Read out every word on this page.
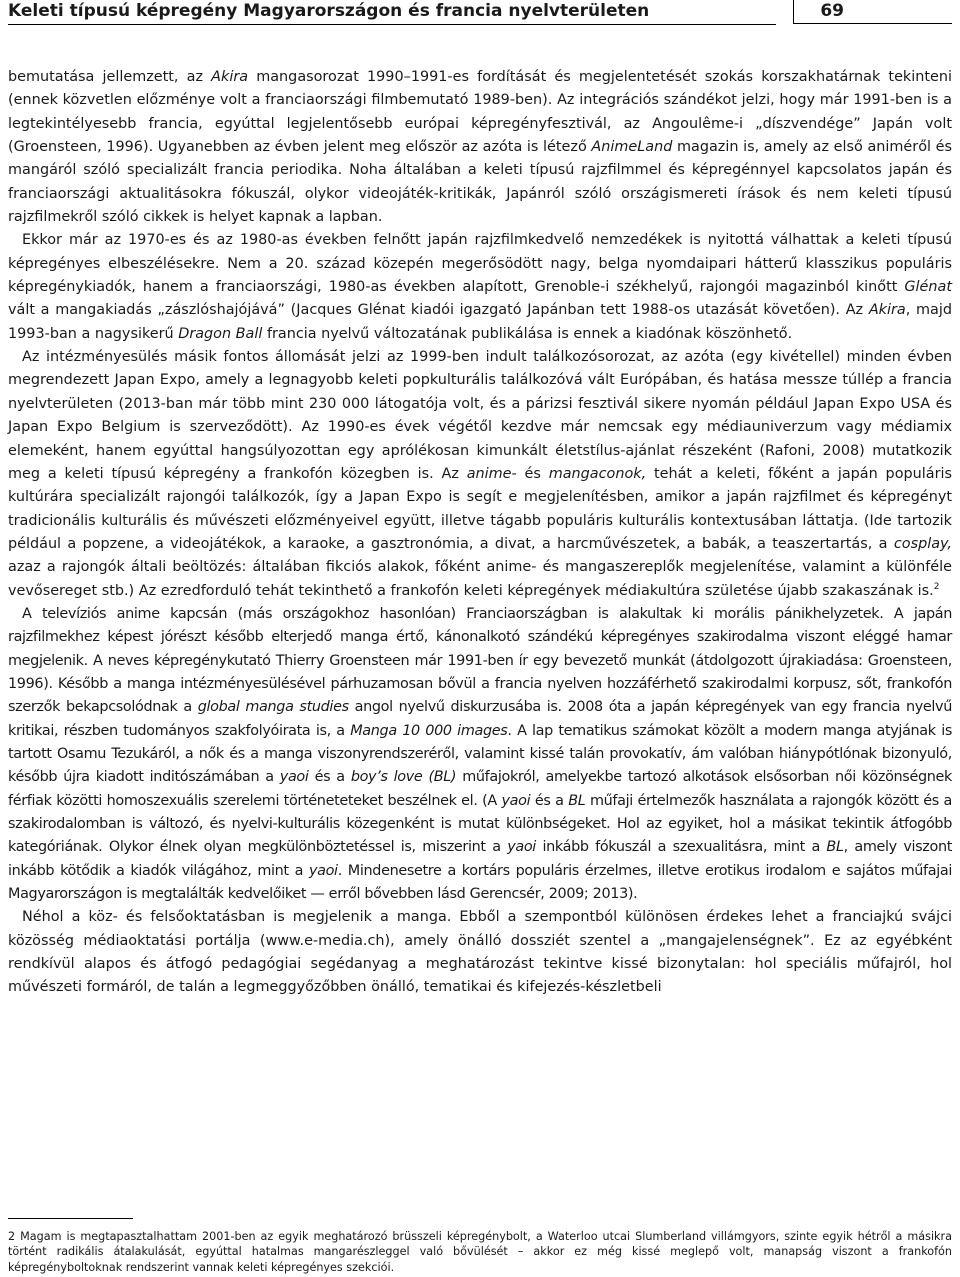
Keleti típusú képregény Magyarországon és francia nyelvterületen	69

bemutatása jellemzett, az Akira mangasorozat 1990–1991-es fordítását és megjelentetését szokás korszakhatárnak tekinteni (ennek közvetlen előzménye volt a franciaországi filmbemutató 1989-ben). Az integrációs szándékot jelzi, hogy már 1991-ben is a legtekintélyesebb francia, egyúttal legjelentősebb európai képregényfesztivál, az Angoulême-i „díszvendége” Japán volt (Groensteen, 1996). Ugyanebben az évben jelent meg először az azóta is létező AnimeLand magazin is, amely az első animéről és mangáról szóló specializált francia periodika. Noha általában a keleti típusú rajzfilmmel és képregénnyel kapcsolatos japán és franciaországi aktualitásokra fókuszál, olykor videojáték-kritikák, Japánról szóló országismereti írások és nem keleti típusú rajzfilmekről szóló cikkek is helyet kapnak a lapban.

Ekkor már az 1970-es és az 1980-as években felnőtt japán rajzfilmkedvelő nemzedékek is nyitottá válhattak a keleti típusú képregényes elbeszélésekre. Nem a 20. század közepén megerősödött nagy, belga nyomdaipari hátterű klasszikus populáris képregénykiadók, hanem a franciaországi, 1980-as években alapított, Grenoble-i székhelyű, rajongói magazinból kinőtt Glénat vált a mangakiadás „zászlóshajójává” (Jacques Glénat kiadói igazgató Japánban tett 1988-os utazását követően). Az Akira, majd 1993-ban a nagysikerű Dragon Ball francia nyelvű változatának publikálása is ennek a kiadónak köszönhető.

Az intézményesülés másik fontos állomását jelzi az 1999-ben indult találkozósorozat, az azóta (egy kivétellel) minden évben megrendezett Japan Expo, amely a legnagyobb keleti popkulturális találkozóvá vált Európában, és hatása messze túllép a francia nyelvterületen (2013-ban már több mint 230 000 látogatója volt, és a párizsi fesztivál sikere nyomán például Japan Expo USA és Japan Expo Belgium is szerveződött). Az 1990-es évek végétől kezdve már nemcsak egy médiauniverzum vagy médiamix elemeként, hanem egyúttal hangsúlyozottan egy aprólékosan kimunkált életstílus-ajánlat részeként (Rafoni, 2008) mutatkozik meg a keleti típusú képregény a frankofón közegben is. Az anime- és mangaconok, tehát a keleti, főként a japán populáris kultúrára specializált rajongói találkozók, így a Japan Expo is segít e megjelenítésben, amikor a japán rajzfilmet és képregényt tradicionális kulturális és művészeti előzményeivel együtt, illetve tágabb populáris kulturális kontextusában láttatja. (Ide tartozik például a popzene, a videojátékok, a karaoke, a gasztronómia, a divat, a harcművészetek, a babák, a teaszertartás, a cosplay, azaz a rajongók általi beöltözés: általában fikciós alakok, főként anime- és mangaszereplők megjelenítése, valamint a különféle vevősereget stb.) Az ezredforduló tehát tekinthető a frankofón keleti képregények médiakultúra születése újabb szakaszának is.$^2$

A televíziós anime kapcsán (más országokhoz hasonlóan) Franciaországban is alakultak ki morális pánikhelyzetek. A japán rajzfilmekhez képest jórészt később elterjedő manga értő, kánonalkotó szándékú képregényes szakirodalma viszont eléggé hamar megjelenik. A neves képregénykutató Thierry Groensteen már 1991-ben ír egy bevezető munkát (átdolgozott újrakiadása: Groensteen, 1996). Később a manga intézményesülésével párhuzamosan bővül a francia nyelven hozzáférhető szakirodalmi korpusz, sőt, frankofón szerzők bekapcsolódnak a global manga studies angol nyelvű diskurzusába is. 2008 óta a japán képregények van egy francia nyelvű kritikai, részben tudományos szakfolyóirata is, a Manga 10 000 images. A lap tematikus számokat közölt a modern manga atyjának is tartott Osamu Tezukáról, a nők és a manga viszonyrendszeréről, valamint kissé talán provokatív, ám valóban hiánypótlónak bizonyuló, később újra kiadott inditószámában a yaoi és a boy’s love (BL) műfajokról, amelyekbe tartozó alkotások elsősorban női közönségnek férfiak közötti homoszexuális szerelemi történeteteket beszélnek el. (A yaoi és a BL műfaji értelmezők használata a rajongók között és a szakirodalomban is változó, és nyelvi-kulturális közegenként is mutat különbségeket. Hol az egyiket, hol a másikat tekintik átfogóbb kategóriának. Olykor élnek olyan megkülönböztetéssel is, miszerint a yaoi inkább fókuszál a szexualitásra, mint a BL, amely viszont inkább kötődik a kiadók világához, mint a yaoi. Mindenesetre a kortárs populáris érzelmes, illetve erotikus irodalom e sajátos műfajai Magyarországon is megtalálták kedvelőiket — erről bővebben lásd Gerencsér, 2009; 2013).

Néhol a köz- és felsőoktatásban is megjelenik a manga. Ebből a szempontból különösen érdekes lehet a franciajkú svájci közösség médiaoktatási portálja (www.e-media.ch), amely önálló dossziét szentel a „mangajelenségnek”. Ez az egyébként rendkívül alapos és átfogó pedagógiai segédanyag a meghatározást tekintve kissé bizonytalan: hol speciális műfajról, hol művészeti formáról, de talán a legmeggyőzőbben önálló, tematikai és kifejezés-készletbeli

2 Magam is megtapasztalhattam 2001-ben az egyik meghatározó brüsszeli képregénybolt, a Waterloo utcai Slumberland villámgyors, szinte egyik hétről a másikra történt radikális átalakulását, egyúttal hatalmas mangarészleggel való bővülését – akkor ez még kissé meglepő volt, manapság viszont a frankofón képregényboltoknak rendszerint vannak keleti képregényes szekciói.
